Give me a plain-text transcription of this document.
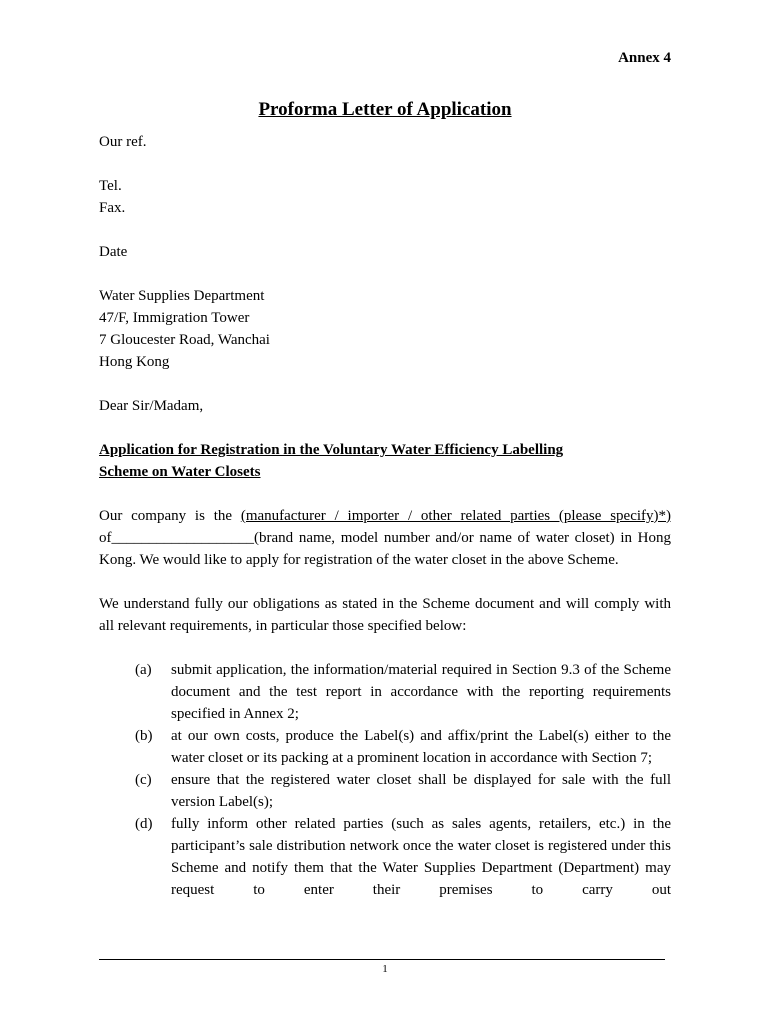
Annex 4
Proforma Letter of Application
Our ref.
Tel.
Fax.
Date
Water Supplies Department
47/F, Immigration Tower
7 Gloucester Road, Wanchai
Hong Kong
Dear Sir/Madam,
Application for Registration in the Voluntary Water Efficiency Labelling
Scheme on Water Closets
Our company is the (manufacturer / importer / other related parties (please specify)*) of___________________(brand name, model number and/or name of water closet) in Hong Kong. We would like to apply for registration of the water closet in the above Scheme.
We understand fully our obligations as stated in the Scheme document and will comply with all relevant requirements, in particular those specified below:
(a)	submit application, the information/material required in Section 9.3 of the Scheme document and the test report in accordance with the reporting requirements specified in Annex 2;
(b)	at our own costs, produce the Label(s) and affix/print the Label(s) either to the water closet or its packing at a prominent location in accordance with Section 7;
(c)	ensure that the registered water closet shall be displayed for sale with the full version Label(s);
(d)	fully inform other related parties (such as sales agents, retailers, etc.) in the participant’s sale distribution network once the water closet is registered under this Scheme and notify them that the Water Supplies Department (Department) may request to enter their premises to carry out
1
